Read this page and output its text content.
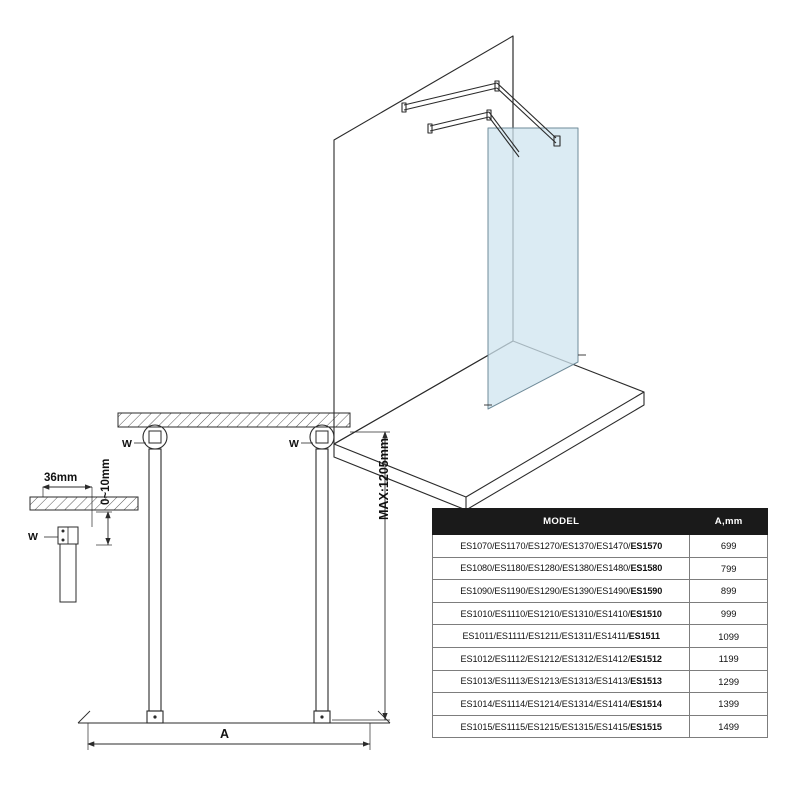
36mm 0~10mm
W	W
W
MAX:1205mm
A
MODEL	A,mm
ES1070/ES1170/ES1270/ES1370/ES1470/ES1570	699
ES1080/ES1180/ES1280/ES1380/ES1480/ES1580	799
ES1090/ES1190/ES1290/ES1390/ES1490/ES1590	899
ES1010/ES1110/ES1210/ES1310/ES1410/ES1510	999
ES1011/ES1111/ES1211/ES1311/ES1411/ES1511	1099
ES1012/ES1112/ES1212/ES1312/ES1412/ES1512	1199
ES1013/ES1113/ES1213/ES1313/ES1413/ES1513	1299
ES1014/ES1114/ES1214/ES1314/ES1414/ES1514	1399
ES1015/ES1115/ES1215/ES1315/ES1415/ES1515	1499
